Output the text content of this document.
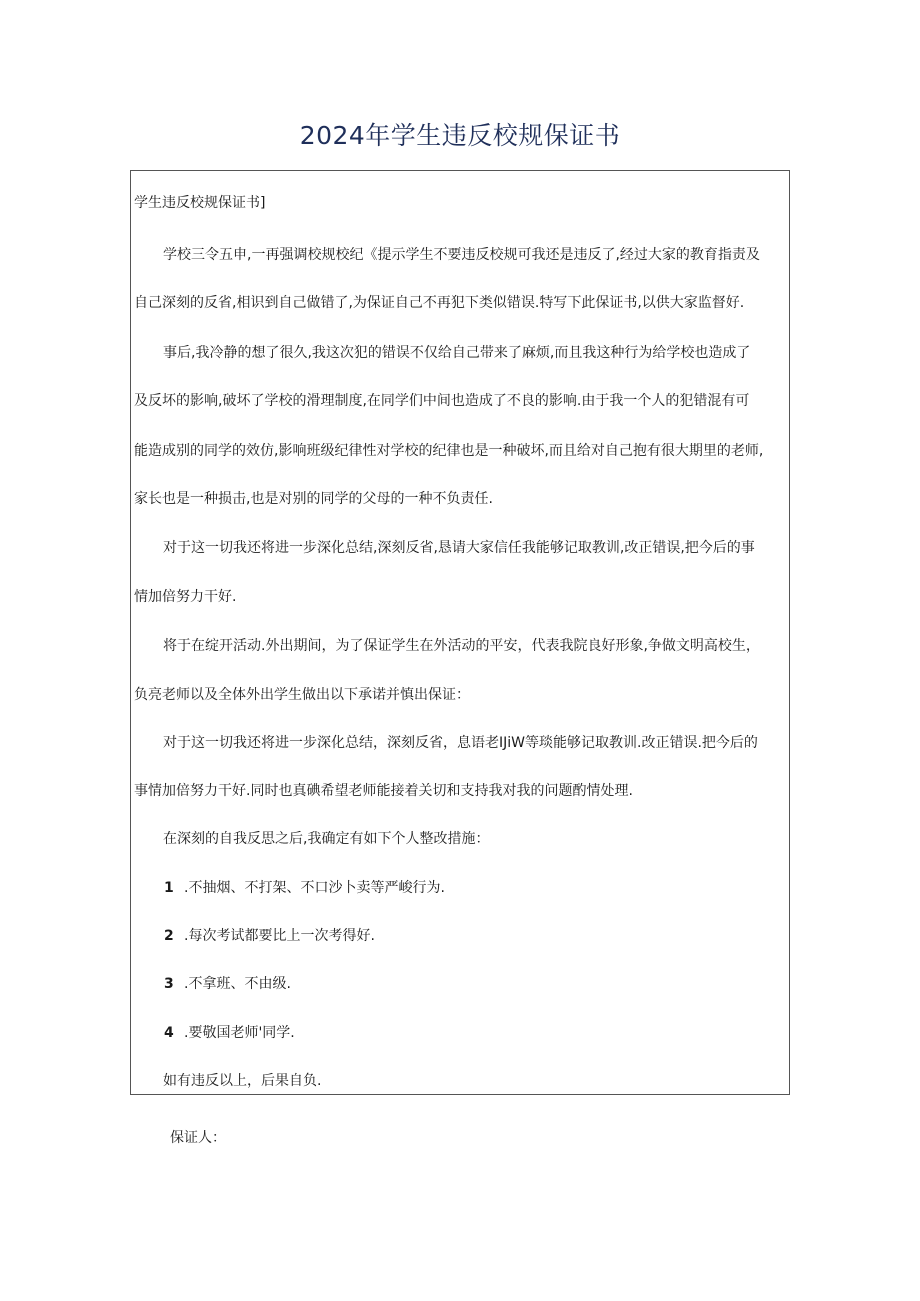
2024年学生违反校规保证书
学生违反校规保证书]
学校三令五申,一再强调校规校纪《提示学生不要违反校规可我还是违反了,经过大家的教育指责及
自己深刻的反省,相识到自己做错了,为保证自己不再犯下类似错误.特写下此保证书,以供大家监督好.
事后,我冷静的想了很久,我这次犯的错误不仅给自己带来了麻烦,而且我这种行为给学校也造成了
及反坏的影响,破坏了学校的滑理制度,在同学们中间也造成了不良的影响.由于我一个人的犯错混有可
能造成别的同学的效仿,影响班级纪律性对学校的纪律也是一种破坏,而且给对自己抱有很大期里的老师,
家长也是一种损击,也是对别的同学的父母的一种不负责任.
对于这一切我还将进一步深化总结,深刻反省,恳请大家信任我能够记取教训,改正错误,把今后的事
情加倍努力干好.
将于在绽开活动.外出期间，为了保证学生在外活动的平安，代表我院良好形象,争做文明高校生，
负亮老师以及全体外出学生做出以下承诺并慎出保证：
对于这一切我还将进一步深化总结，深刻反省，息语老IJiW等琰能够记取教训.改正错误.把今后的
事情加倍努力干好.同时也真碘希望老师能接着关切和支持我对我的问题酌情处理.
在深刻的自我反思之后,我确定有如下个人整改措施：
1 .不抽烟、不打架、不口沙卜卖等严峻行为.
2 .每次考试都要比上一次考得好.
3 .不拿班、不由级.
4 .要敬国老师'同学.
如有违反以上，后果自负.
保证人：
